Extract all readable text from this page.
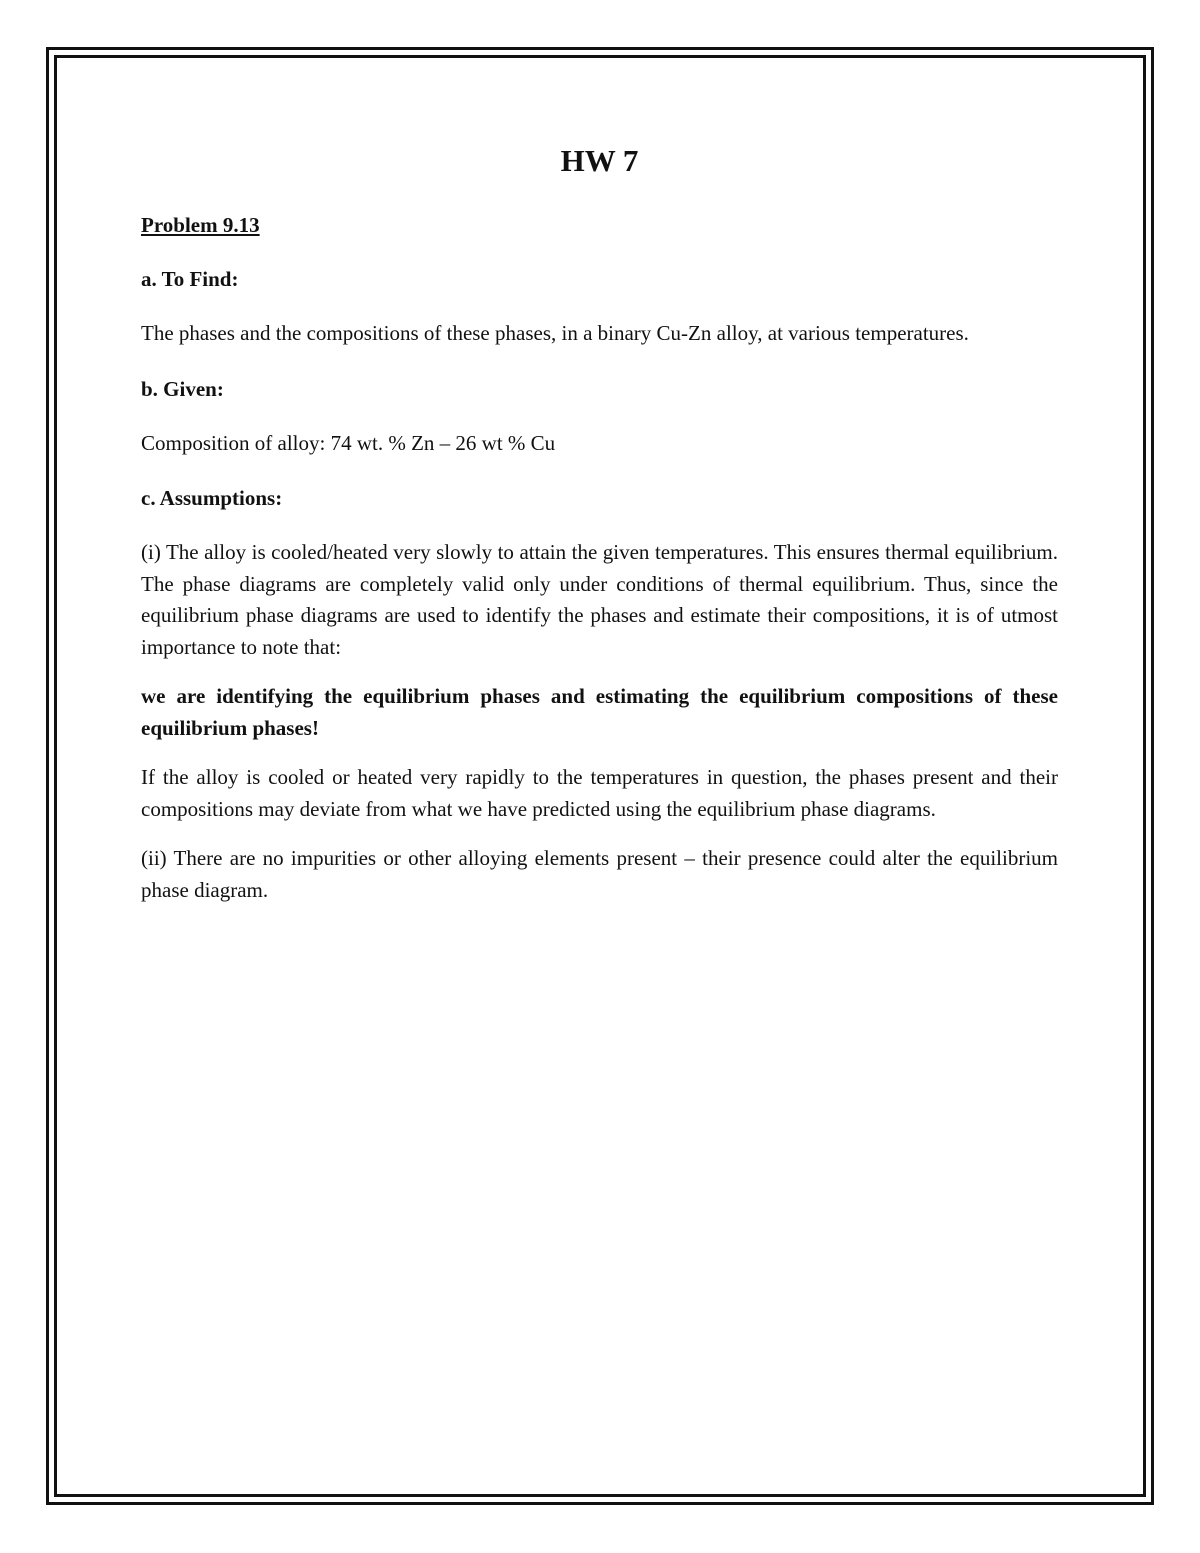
HW 7
Problem 9.13
a. To Find:
The phases and the compositions of these phases, in a binary Cu-Zn alloy, at various temperatures.
b. Given:
Composition of alloy: 74 wt. % Zn – 26 wt % Cu
c. Assumptions:
(i) The alloy is cooled/heated very slowly to attain the given temperatures. This ensures thermal equilibrium. The phase diagrams are completely valid only under conditions of thermal equilibrium. Thus, since the equilibrium phase diagrams are used to identify the phases and estimate their compositions, it is of utmost importance to note that:
we are identifying the equilibrium phases and estimating the equilibrium compositions of these equilibrium phases!
If the alloy is cooled or heated very rapidly to the temperatures in question, the phases present and their compositions may deviate from what we have predicted using the equilibrium phase diagrams.
(ii) There are no impurities or other alloying elements present – their presence could alter the equilibrium phase diagram.
